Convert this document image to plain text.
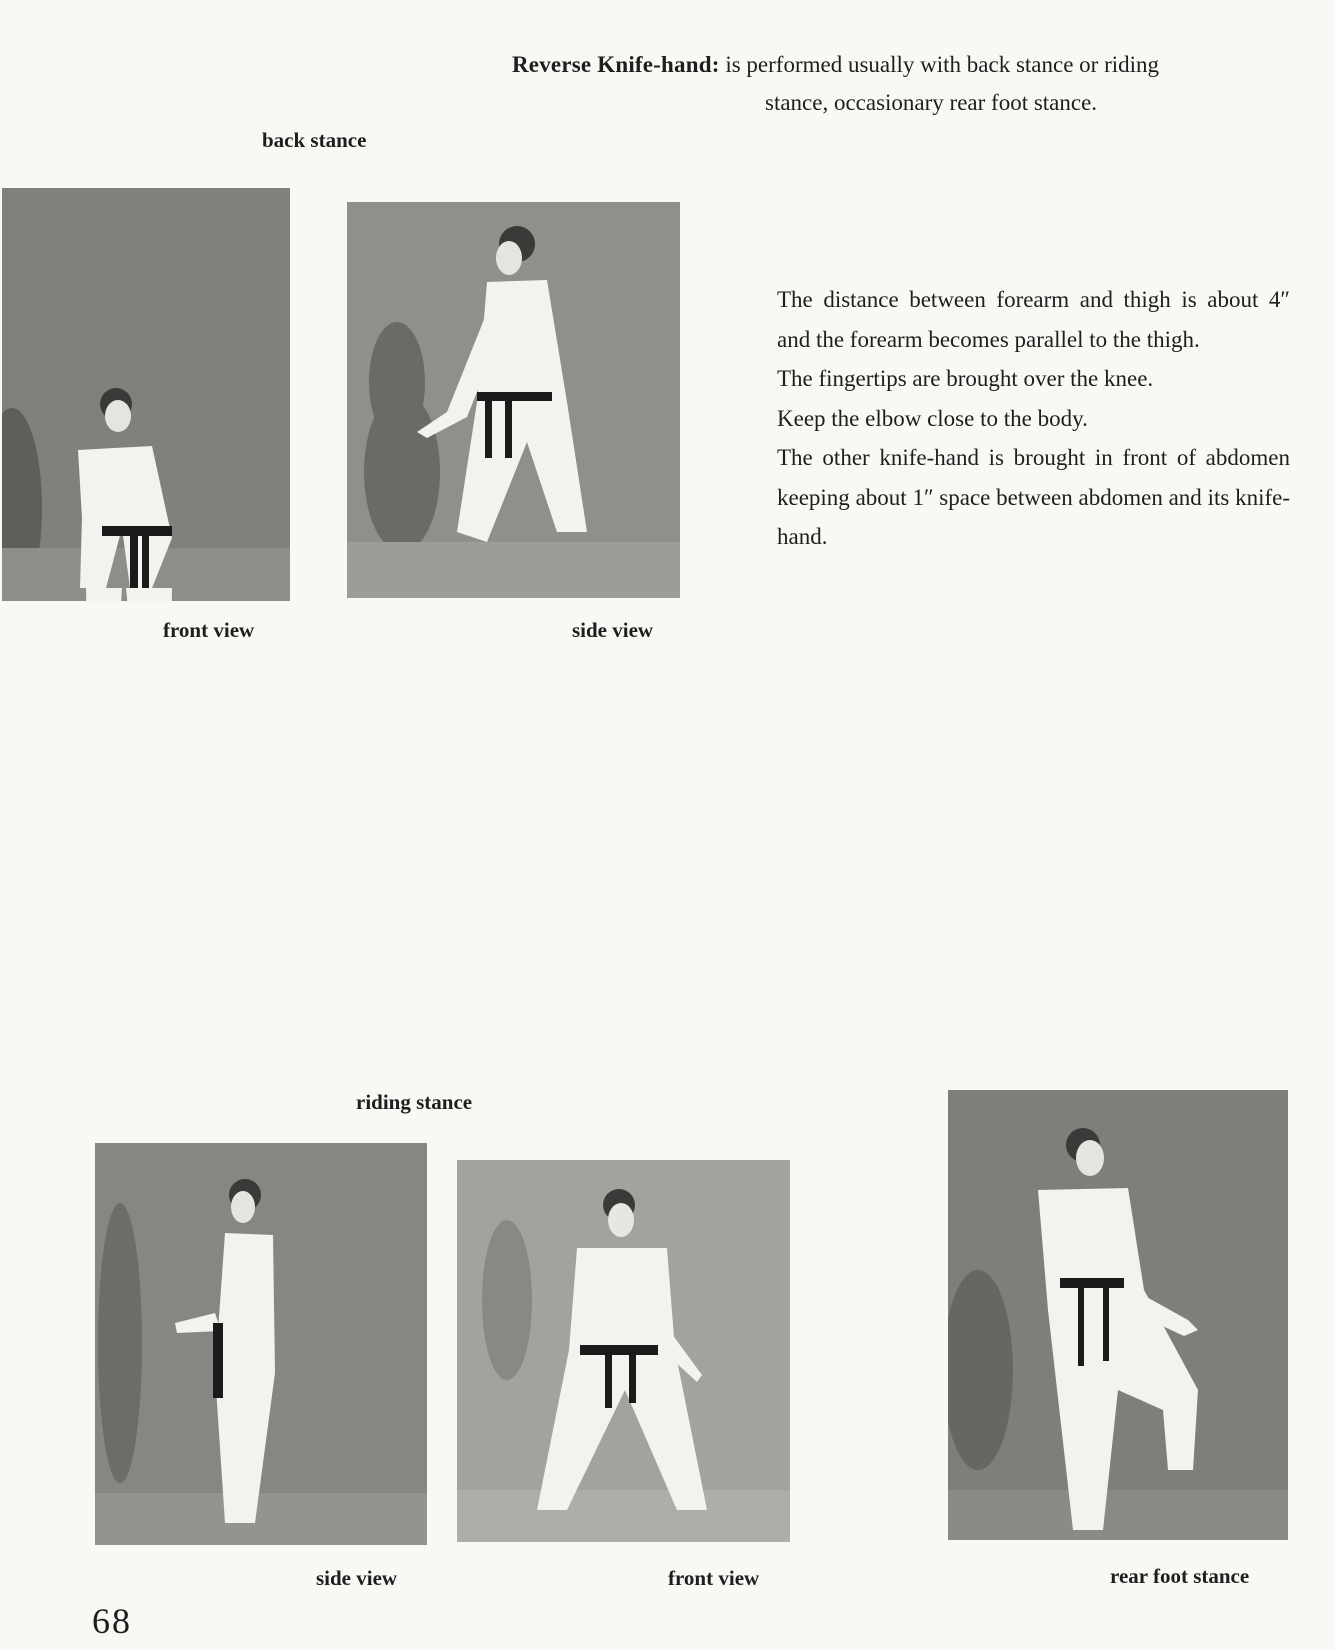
Reverse Knife-hand: is performed usually with back stance or riding
stance, occasionary rear foot stance.
back stance
front view	side view

The distance between forearm and thigh is about 4″ and the forearm becomes parallel to the thigh.

The fingertips are brought over the knee.

Keep the elbow close to the body.

The other knife-hand is brought in front of abdomen keeping about 1″ space between abdomen and its knife-hand.

riding stance
side view	front view	rear foot stance
68
